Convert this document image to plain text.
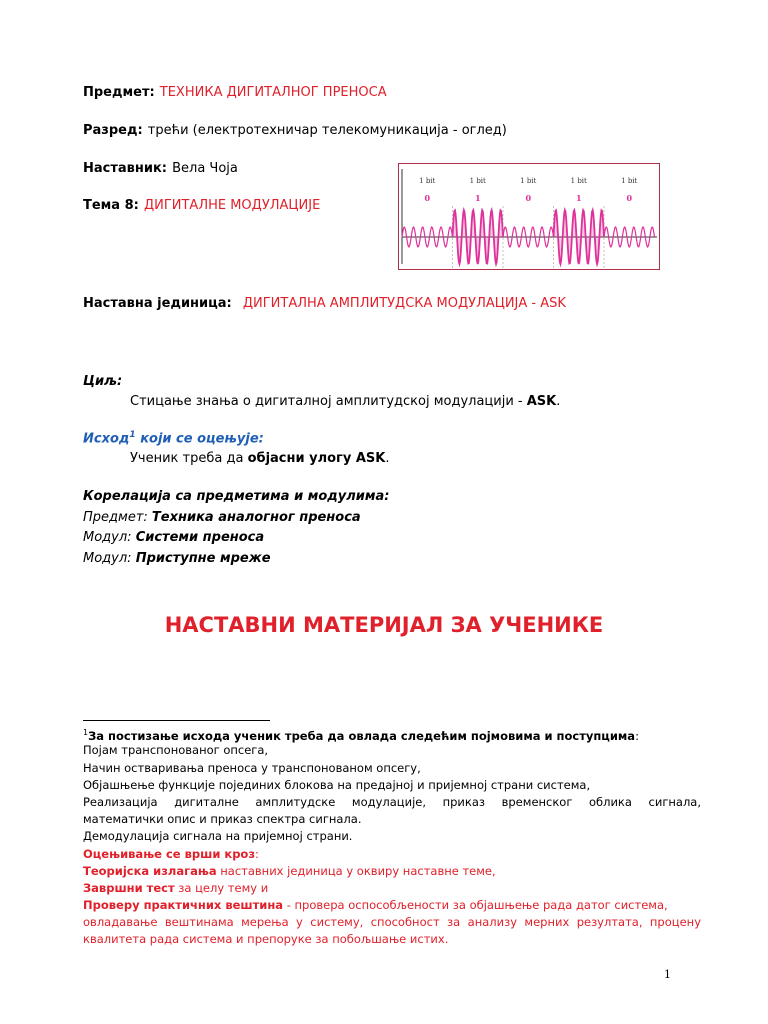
Предмет: ТЕХНИКА ДИГИТАЛНОГ ПРЕНОСА
Разред: трећи (електротехничар телекомуникација - оглед)
Наставник: Вела Чоја
Тема 8: ДИГИТАЛНЕ МОДУЛАЦИЈЕ
1 bit
0
1 bit
1
1 bit
0
1 bit
1
1 bit
0
Наставна јединица: ДИГИТАЛНА АМПЛИТУДСКА МОДУЛАЦИЈА - ASK
Циљ:
Стицање знања о дигиталној амплитудској модулацији - ASK.
Исход$^1$ који се оцењује:
Ученик треба да објасни улогу ASK.
Корелација са предметима и модулима:
Предмет: Техника аналогног преноса
Модул: Системи преноса
Модул: Приступне мреже
НАСТАВНИ МАТЕРИЈАЛ ЗА УЧЕНИКЕ
$^1$За постизање исхода ученик треба да овлада следећим појмовима и поступцима:
Појам транспонованог опсега,
Начин остваривања преноса у транспонованом опсегу,
Објашњење функције појединих блокова на предајној и пријемној страни система,
Реализација дигиталне амплитудске модулације, приказ временског облика сигнала,
математички опис и приказ спектра сигнала.
Демодулација сигнала на пријемној страни.
Оцењивање се врши кроз:
Теоријска излагања наставних јединица у оквиру наставне теме,
Завршни тест за целу тему и
Проверу практичних вештина - провера оспособљености за објашњење рада датог система,
овладавање вештинама мерења у систему, способност за анализу мерних резултата, процену
квалитета рада система и препоруке за побољшање истих.
1
